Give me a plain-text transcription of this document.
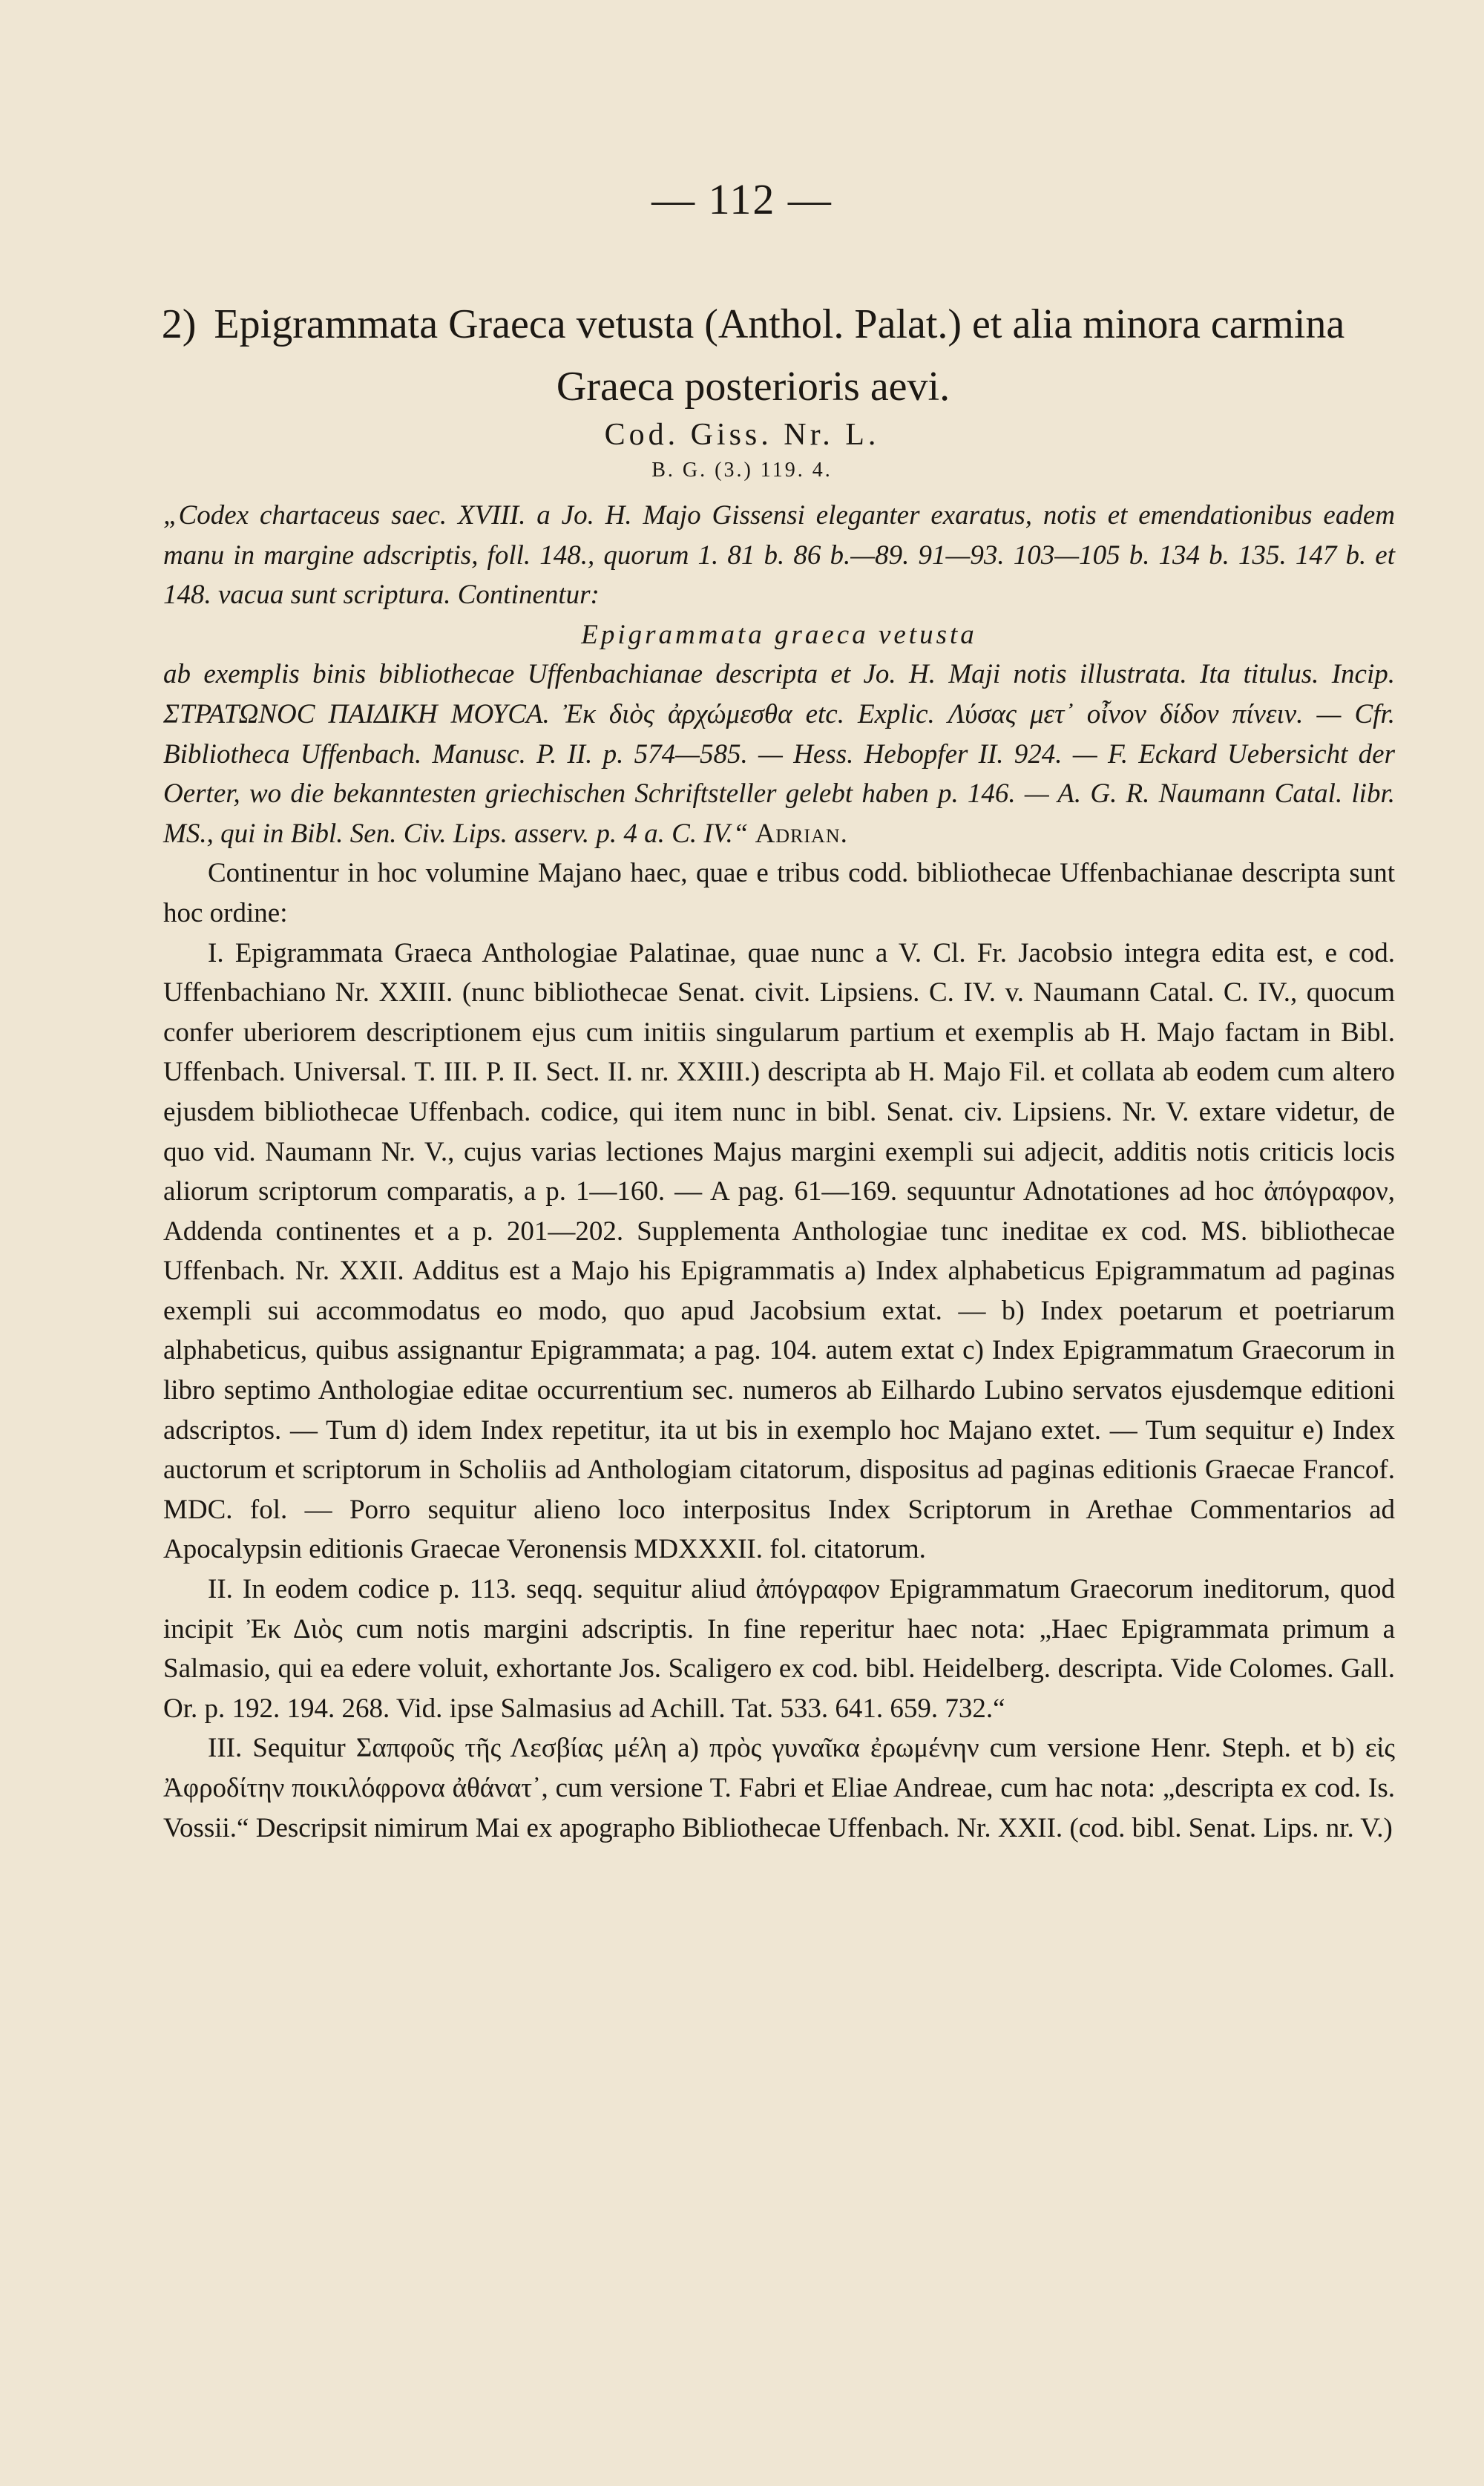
— 112 —
2) Epigrammata Graeca vetusta (Anthol. Palat.) et alia minora carmina Graeca posterioris aevi.
Cod. Giss. Nr. L.
B. G. (3.) 119. 4.

„Codex chartaceus saec. XVIII. a Jo. H. Majo Gissensi eleganter exaratus, notis et emendationibus eadem manu in margine adscriptis, foll. 148., quorum 1. 81 b. 86 b.—89. 91—93. 103—105 b. 134 b. 135. 147 b. et 148. vacua sunt scriptura. Continentur:

Epigrammata graeca vetusta

ab exemplis binis bibliothecae Uffenbachianae descripta et Jo. H. Maji notis illustrata. Ita titulus. Incip. ΣΤΡΑΤΩΝΟC ΠΑΙΔΙΚΗ ΜΟΥCΑ. Ἐκ διὸς ἀρχώμεσθα etc. Explic. Λύσας μετ᾽ οἶνον δίδον πίνειν. — Cfr. Bibliotheca Uffenbach. Manusc. P. II. p. 574—585. — Hess. Hebopfer II. 924. — F. Eckard Uebersicht der Oerter, wo die bekanntesten griechischen Schriftsteller gelebt haben p. 146. — A. G. R. Naumann Catal. libr. MS., qui in Bibl. Sen. Civ. Lips. asserv. p. 4 a. C. IV.“ Adrian.

Continentur in hoc volumine Majano haec, quae e tribus codd. bibliothecae Uffenbachianae descripta sunt hoc ordine:

I. Epigrammata Graeca Anthologiae Palatinae, quae nunc a V. Cl. Fr. Jacobsio integra edita est, e cod. Uffenbachiano Nr. XXIII. (nunc bibliothecae Senat. civit. Lipsiens. C. IV. v. Naumann Catal. C. IV., quocum confer uberiorem descriptionem ejus cum initiis singularum partium et exemplis ab H. Majo factam in Bibl. Uffenbach. Universal. T. III. P. II. Sect. II. nr. XXIII.) descripta ab H. Majo Fil. et collata ab eodem cum altero ejusdem bibliothecae Uffenbach. codice, qui item nunc in bibl. Senat. civ. Lipsiens. Nr. V. extare videtur, de quo vid. Naumann Nr. V., cujus varias lectiones Majus margini exempli sui adjecit, additis notis criticis locis aliorum scriptorum comparatis, a p. 1—160. — A pag. 61—169. sequuntur Adnotationes ad hoc ἀπόγραφον, Addenda continentes et a p. 201—202. Supplementa Anthologiae tunc ineditae ex cod. MS. bibliothecae Uffenbach. Nr. XXII. Additus est a Majo his Epigrammatis a) Index alphabeticus Epigrammatum ad paginas exempli sui accommodatus eo modo, quo apud Jacobsium extat. — b) Index poetarum et poetriarum alphabeticus, quibus assignantur Epigrammata; a pag. 104. autem extat c) Index Epigrammatum Graecorum in libro septimo Anthologiae editae occurrentium sec. numeros ab Eilhardo Lubino servatos ejusdemque editioni adscriptos. — Tum d) idem Index repetitur, ita ut bis in exemplo hoc Majano extet. — Tum sequitur e) Index auctorum et scriptorum in Scholiis ad Anthologiam citatorum, dispositus ad paginas editionis Graecae Francof. MDC. fol. — Porro sequitur alieno loco interpositus Index Scriptorum in Arethae Commentarios ad Apocalypsin editionis Graecae Veronensis MDXXXII. fol. citatorum.

II. In eodem codice p. 113. seqq. sequitur aliud ἀπόγραφον Epigrammatum Graecorum ineditorum, quod incipit Ἐκ Διὸς cum notis margini adscriptis. In fine reperitur haec nota: „Haec Epigrammata primum a Salmasio, qui ea edere voluit, exhortante Jos. Scaligero ex cod. bibl. Heidelberg. descripta. Vide Colomes. Gall. Or. p. 192. 194. 268. Vid. ipse Salmasius ad Achill. Tat. 533. 641. 659. 732.“

III. Sequitur Σαπφοῦς τῆς Λεσβίας μέλη a) πρὸς γυναῖκα ἐρωμένην cum versione Henr. Steph. et b) εἰς Ἀφροδίτην ποικιλόφρονα ἀθάνατ᾽, cum versione T. Fabri et Eliae Andreae, cum hac nota: „descripta ex cod. Is. Vossii.“ Descripsit nimirum Mai ex apographo Bibliothecae Uffenbach. Nr. XXII. (cod. bibl. Senat. Lips. nr. V.)
